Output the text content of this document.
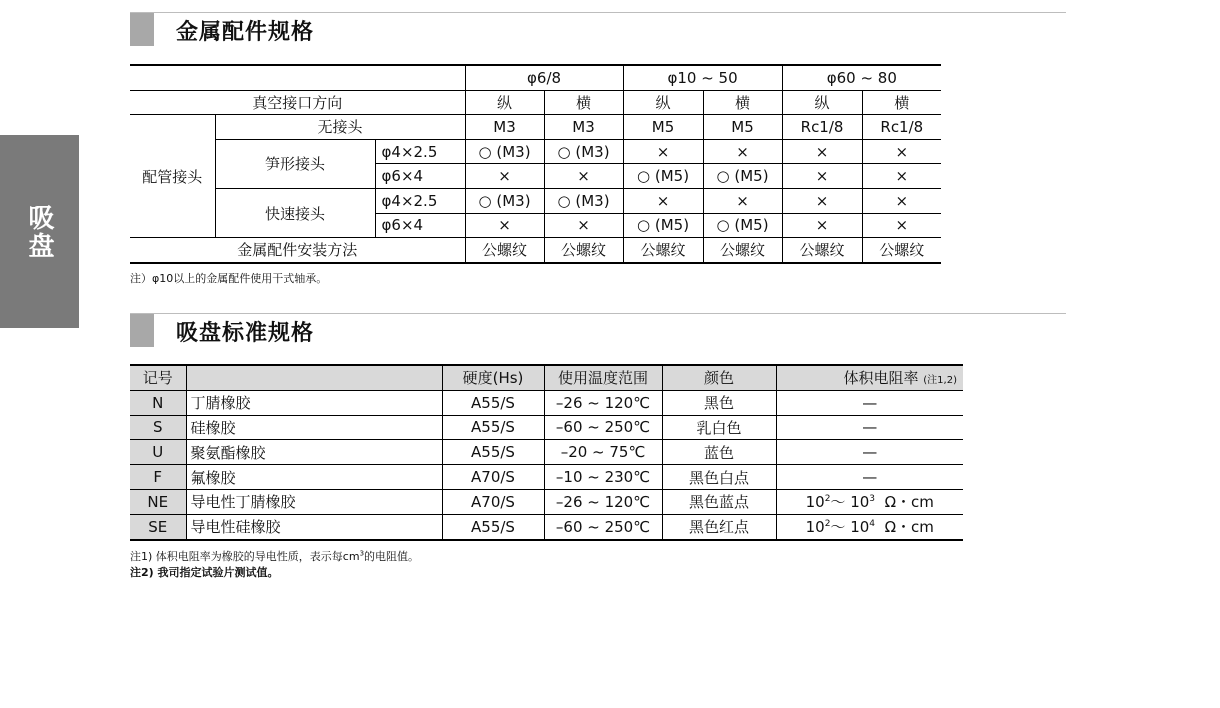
吸盘
金属配件规格
			φ6/8		φ10 ~ 50		φ60 ~ 80	
真空接口方向			纵	横	纵	横	纵	横
配管接头	无接头		M3	M3	M5	M5	Rc1/8	Rc1/8
	笋形接头	φ4×2.5	○ (M3)	○ (M3)	×	×	×	×
		φ6×4	×	×	○ (M5)	○ (M5)	×	×
	快速接头	φ4×2.5	○ (M3)	○ (M3)	×	×	×	×
		φ6×4	×	×	○ (M5)	○ (M5)	×	×
金属配件安装方法			公螺纹	公螺纹	公螺纹	公螺纹	公螺纹	公螺纹
注）φ10以上的金属配件使用干式轴承。
吸盘标准规格
记号		硬度(Hs)	使用温度范围	颜色	体积电阻率 (注1,2)
N	丁腈橡胶	A55/S	–26 ~ 120℃	黑色	—
S	硅橡胶	A55/S	–60 ~ 250℃	乳白色	—
U	聚氨酯橡胶	A55/S	–20 ~ 75℃	蓝色	—
F	氟橡胶	A70/S	–10 ~ 230℃	黑色白点	—
NE	导电性丁腈橡胶	A70/S	–26 ~ 120℃	黑色蓝点	$10^2\sim$ $10^3$ Ω・cm
SE	导电性硅橡胶	A55/S	–60 ~ 250℃	黑色红点	$10^2\sim$ $10^4$ Ω・cm
注1) 体积电阻率为橡胶的导电性质，表示每$cm^3$的电阻值。
注2) 我司指定试验片测试值。
